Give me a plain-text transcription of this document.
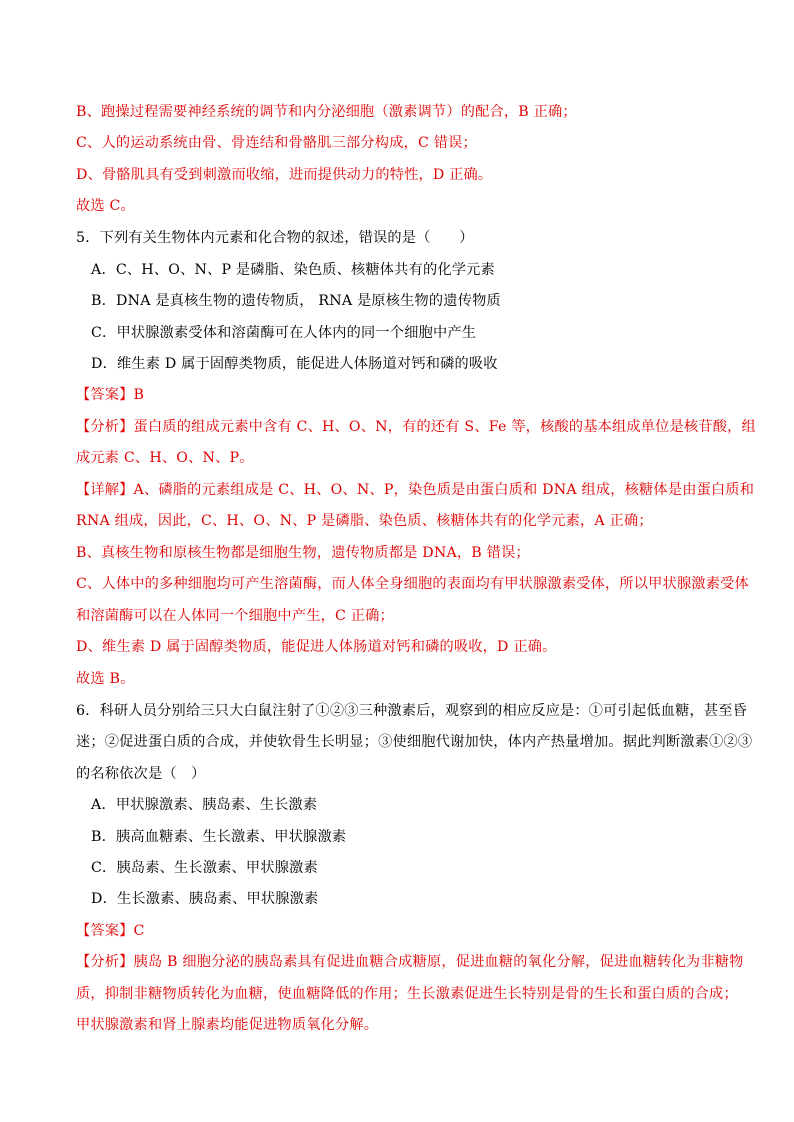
B、跑操过程需要神经系统的调节和内分泌细胞（激素调节）的配合，B 正确；
C、人的运动系统由骨、骨连结和骨骼肌三部分构成，C 错误；
D、骨骼肌具有受到刺激而收缩，进而提供动力的特性，D 正确。
故选 C。
5．下列有关生物体内元素和化合物的叙述，错误的是（　　）
A．C、H、O、N、P 是磷脂、染色质、核糖体共有的化学元素
B．DNA 是真核生物的遗传物质， RNA 是原核生物的遗传物质
C．甲状腺激素受体和溶菌酶可在人体内的同一个细胞中产生
D．维生素 D 属于固醇类物质，能促进人体肠道对钙和磷的吸收
【答案】B
【分析】蛋白质的组成元素中含有 C、H、O、N，有的还有 S、Fe 等，核酸的基本组成单位是核苷酸，组
成元素 C、H、O、N、P。
【详解】A、磷脂的元素组成是 C、H、O、N、P，染色质是由蛋白质和 DNA 组成，核糖体是由蛋白质和
RNA 组成，因此，C、H、O、N、P 是磷脂、染色质、核糖体共有的化学元素，A 正确；
B、真核生物和原核生物都是细胞生物，遗传物质都是 DNA，B 错误；
C、人体中的多种细胞均可产生溶菌酶，而人体全身细胞的表面均有甲状腺激素受体，所以甲状腺激素受体
和溶菌酶可以在人体同一个细胞中产生，C 正确；
D、维生素 D 属于固醇类物质，能促进人体肠道对钙和磷的吸收，D 正确。
故选 B。
6．科研人员分别给三只大白鼠注射了①②③三种激素后，观察到的相应反应是：①可引起低血糖，甚至昏
迷；②促进蛋白质的合成，并使软骨生长明显；③使细胞代谢加快，体内产热量增加。据此判断激素①②③
的名称依次是（　）
A．甲状腺激素、胰岛素、生长激素
B．胰高血糖素、生长激素、甲状腺激素
C．胰岛素、生长激素、甲状腺激素
D．生长激素、胰岛素、甲状腺激素
【答案】C
【分析】胰岛 B 细胞分泌的胰岛素具有促进血糖合成糖原，促进血糖的氧化分解，促进血糖转化为非糖物
质，抑制非糖物质转化为血糖，使血糖降低的作用；生长激素促进生长特别是骨的生长和蛋白质的合成；
甲状腺激素和肾上腺素均能促进物质氧化分解。
